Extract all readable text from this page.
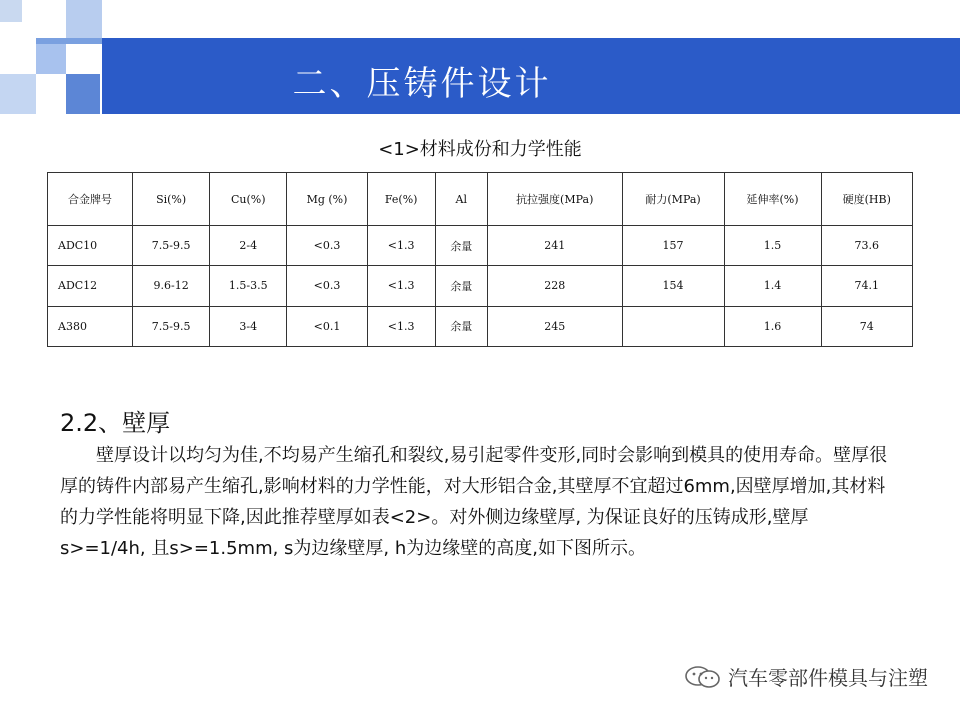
二、压铸件设计
<1>材料成份和力学性能
合金牌号	Si(%)	Cu(%)	Mg (%)	Fe(%)	Al	抗拉强度(MPa)	耐力(MPa)	延伸率(%)	硬度(HB)
ADC10	7.5-9.5	2-4	<0.3	<1.3	余量	241	157	1.5	73.6
ADC12	9.6-12	1.5-3.5	<0.3	<1.3	余量	228	154	1.4	74.1
A380	7.5-9.5	3-4	<0.1	<1.3	余量	245		1.6	74
2.2、壁厚

壁厚设计以均匀为佳,不均易产生缩孔和裂纹,易引起零件变形,同时会影响到模具的使用寿命。壁厚很厚的铸件内部易产生缩孔,影响材料的力学性能，对大形铝合金,其壁厚不宜超过6mm,因壁厚增加,其材料的力学性能将明显下降,因此推荐壁厚如表<2>。对外侧边缘壁厚, 为保证良好的压铸成形,壁厚s>=1/4h, 且s>=1.5mm, s为边缘壁厚, h为边缘壁的高度,如下图所示。

汽车零部件模具与注塑
